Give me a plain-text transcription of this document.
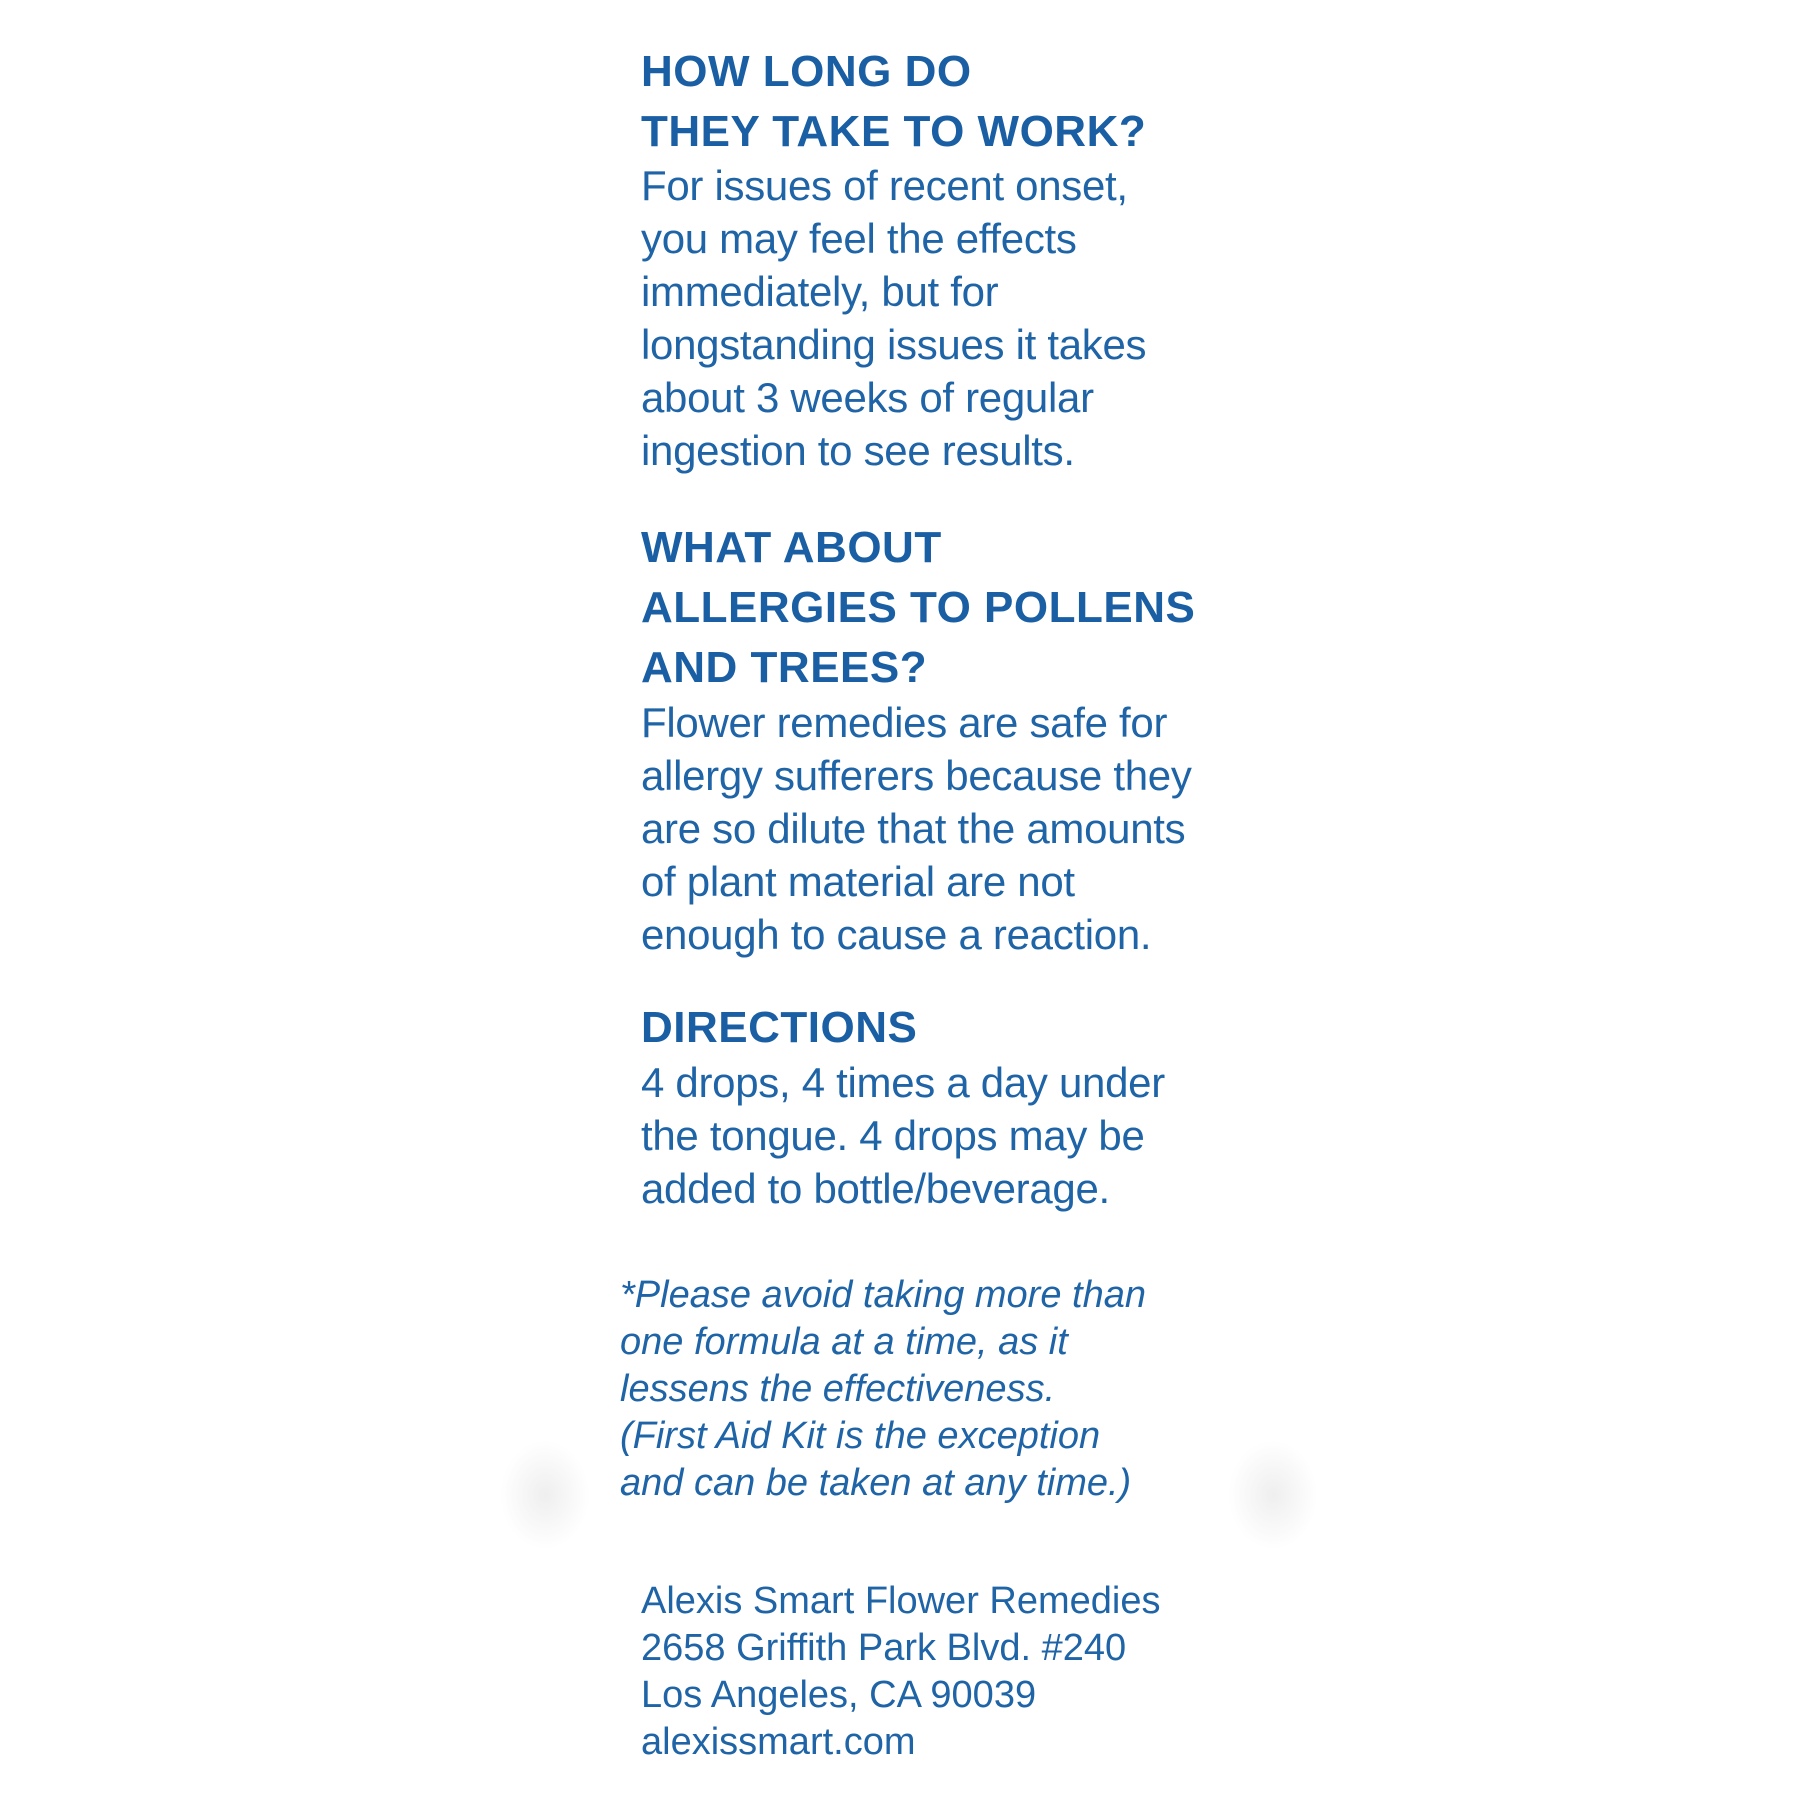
HOW LONG DO
THEY TAKE TO WORK?

For issues of recent onset,
you may feel the effects
immediately, but for
longstanding issues it takes
about 3 weeks of regular
ingestion to see results.

WHAT ABOUT
ALLERGIES TO POLLENS
AND TREES?

Flower remedies are safe for
allergy sufferers because they
are so dilute that the amounts
of plant material are not
enough to cause a reaction.

DIRECTIONS

4 drops, 4 times a day under
the tongue. 4 drops may be
added to bottle/beverage.

*Please avoid taking more than
one formula at a time, as it
lessens the effectiveness.
(First Aid Kit is the exception
and can be taken at any time.)

Alexis Smart Flower Remedies
2658 Griffith Park Blvd. #240
Los Angeles, CA 90039
alexissmart.com
